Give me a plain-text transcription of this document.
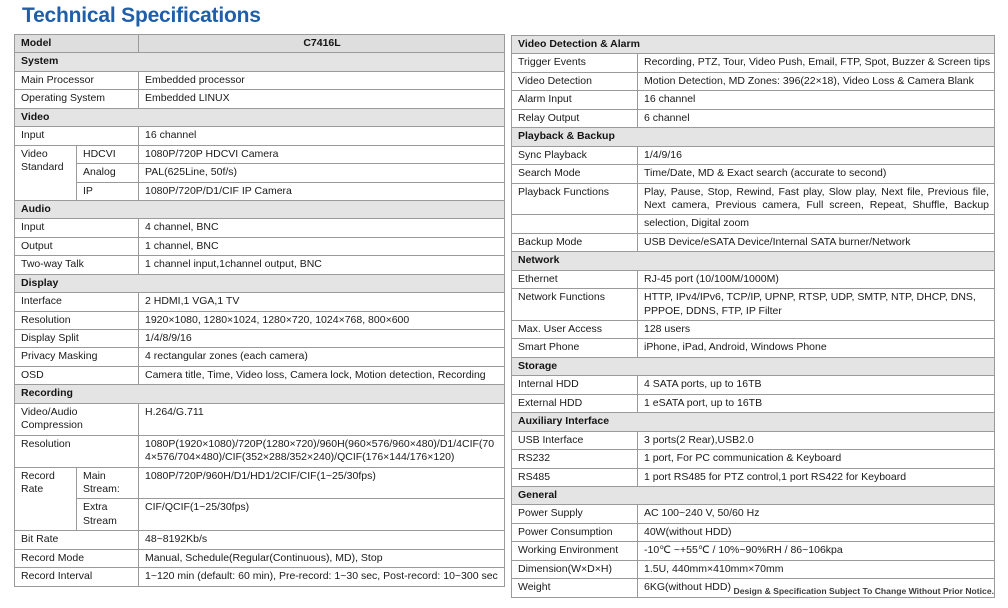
Technical Specifications
Model		C7416L
System		
Main Processor		Embedded processor
Operating System		Embedded LINUX
Video		
Input		16 channel
Video Standard	HDCVI	1080P/720P HDCVI Camera
	Analog	PAL(625Line, 50f/s)
	IP	1080P/720P/D1/CIF IP Camera
Audio		
Input		4 channel, BNC
Output		1 channel, BNC
Two-way Talk		1 channel input,1channel output, BNC
Display		
Interface		2 HDMI,1 VGA,1 TV
Resolution		1920×1080, 1280×1024, 1280×720, 1024×768, 800×600
Display Split		1/4/8/9/16
Privacy Masking		4 rectangular zones (each camera)
OSD		Camera title, Time, Video loss, Camera lock, Motion detection, Recording
Recording		
Video/Audio Compression		H.264/G.711
Resolution		1080P(1920×1080)/720P(1280×720)/960H(960×576/960×480)/D1/4CIF(704×576/704×480)/CIF(352×288/352×240)/QCIF(176×144/176×120)
Record Rate	Main Stream:	1080P/720P/960H/D1/HD1/2CIF/CIF(1~25/30fps)
	Extra Stream	CIF/QCIF(1~25/30fps)
Bit Rate		48~8192Kb/s
Record Mode		Manual, Schedule(Regular(Continuous), MD), Stop
Record Interval		1~120 min (default: 60 min), Pre-record: 1~30 sec, Post-record: 10~300 sec
Video Detection & Alarm	
Trigger Events	Recording, PTZ, Tour, Video Push, Email, FTP, Spot, Buzzer & Screen tips
Video Detection	Motion Detection, MD Zones: 396(22×18), Video Loss & Camera Blank
Alarm Input	16 channel
Relay Output	6 channel
Playback & Backup	
Sync Playback	1/4/9/16
Search Mode	Time/Date, MD & Exact search (accurate to second)
Playback Functions	Play, Pause, Stop, Rewind, Fast play, Slow play, Next file, Previous file, Next camera, Previous camera, Full screen, Repeat, Shuffle, Backup
	selection, Digital zoom
Backup Mode	USB Device/eSATA Device/Internal SATA burner/Network
Network	
Ethernet	RJ-45 port (10/100M/1000M)
Network Functions	HTTP, IPv4/IPv6, TCP/IP, UPNP, RTSP, UDP, SMTP, NTP, DHCP, DNS, PPPOE, DDNS, FTP, IP Filter
Max. User Access	128 users
Smart Phone	iPhone, iPad, Android, Windows Phone
Storage	
Internal HDD	4 SATA ports, up to 16TB
External HDD	1 eSATA port, up to 16TB
Auxiliary Interface	
USB Interface	3 ports(2 Rear),USB2.0
RS232	1 port, For PC communication & Keyboard
RS485	1 port RS485 for PTZ control,1 port RS422 for Keyboard
General	
Power Supply	AC 100~240 V, 50/60 Hz
Power Consumption	40W(without HDD)
Working Environment	-10℃ ~+55℃ / 10%~90%RH / 86~106kpa
Dimension(W×D×H)	1.5U, 440mm×410mm×70mm
Weight	6KG(without HDD) Design & Specification Subject To Change Without Prior Notice.
